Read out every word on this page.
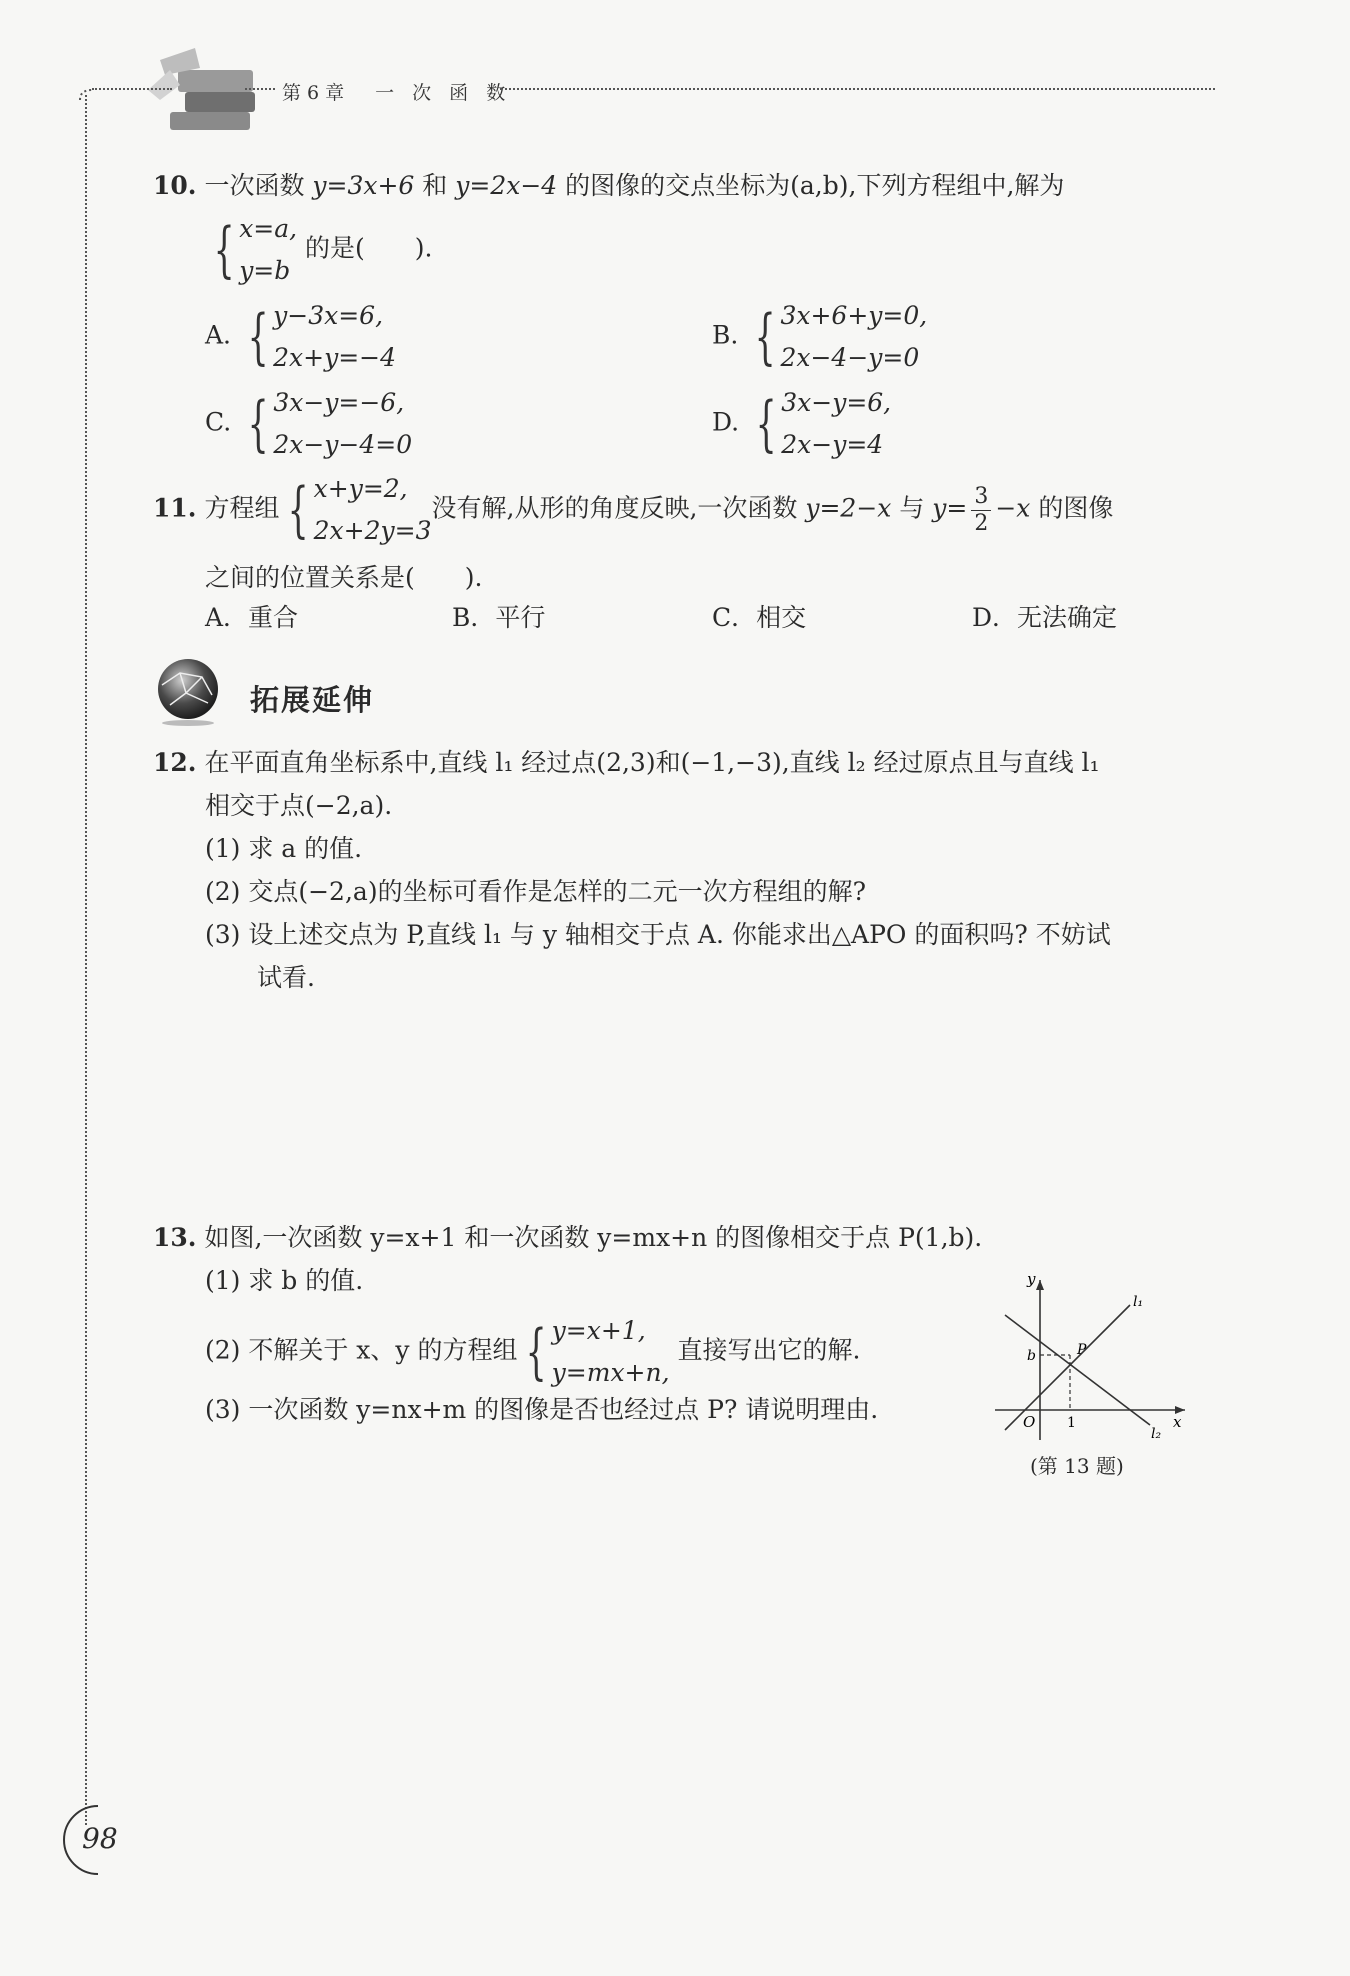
第6章　一 次 函 数
10. 一次函数 y=3x+6 和 y=2x−4 的图像的交点坐标为(a,b),下列方程组中,解为
{ x=a,
y=b
的是(　　).
A. { y−3x=6,
2x+y=−4
B. { 3x+6+y=0,
2x−4−y=0
C. { 3x−y=−6,
2x−y−4=0
D. { 3x−y=6,
2x−y=4
11. 方程组 { x+y=2,
2x+2y=3
没有解,从形的角度反映,一次函数 y=2−x 与 $y= \frac{3}{2} -x$ 的图像
之间的位置关系是(　　).
A．重合	B．平行	C．相交	D．无法确定
拓展延伸
12. 在平面直角坐标系中,直线 l₁ 经过点(2,3)和(−1,−3),直线 l₂ 经过原点且与直线 l₁
相交于点(−2,a).
(1) 求 a 的值.
(2) 交点(−2,a)的坐标可看作是怎样的二元一次方程组的解?
(3) 设上述交点为 P,直线 l₁ 与 y 轴相交于点 A. 你能求出△APO 的面积吗? 不妨试
试看.
13. 如图,一次函数 y=x+1 和一次函数 y=mx+n 的图像相交于点 P(1,b).
(1) 求 b 的值.
(2) 不解关于 x、y 的方程组 { y=x+1,
y=mx+n,
直接写出它的解.
(3) 一次函数 y=nx+m 的图像是否也经过点 P? 请说明理由.
y
x
O 1
b	P
l₁
l₂
(第 13 题)
98
